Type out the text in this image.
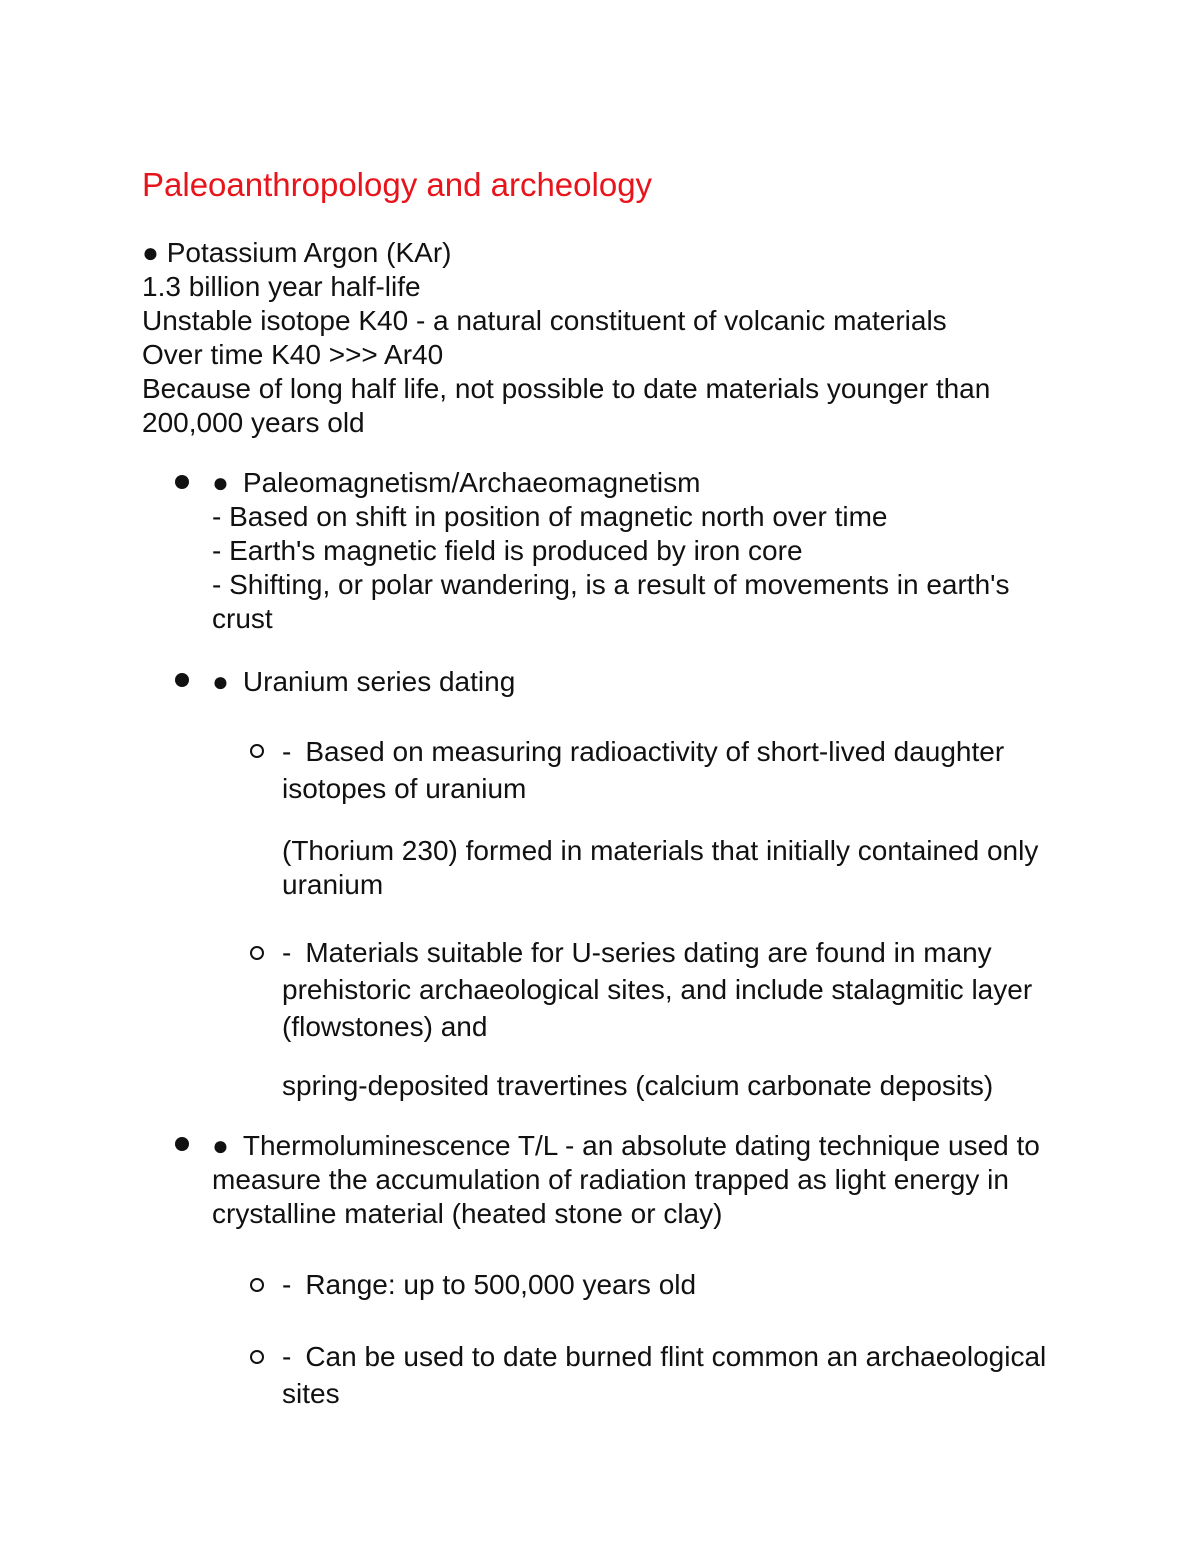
Paleoanthropology and archeology
● Potassium Argon (KAr)
1.3 billion year half-life
Unstable isotope K40 - a natural constituent of volcanic materials
Over time K40 >>> Ar40
Because of long half life, not possible to date materials younger than 200,000 years old
● Paleomagnetism/Archaeomagnetism
- Based on shift in position of magnetic north over time
- Earth's magnetic field is produced by iron core
- Shifting, or polar wandering, is a result of movements in earth's crust
● Uranium series dating
- Based on measuring radioactivity of short-lived daughter isotopes of uranium
(Thorium 230) formed in materials that initially contained only uranium
- Materials suitable for U-series dating are found in many prehistoric archaeological sites, and include stalagmitic layer (flowstones) and
spring-deposited travertines (calcium carbonate deposits)
● Thermoluminescence T/L - an absolute dating technique used to measure the accumulation of radiation trapped as light energy in crystalline material (heated stone or clay)
- Range: up to 500,000 years old
- Can be used to date burned flint common an archaeological sites
